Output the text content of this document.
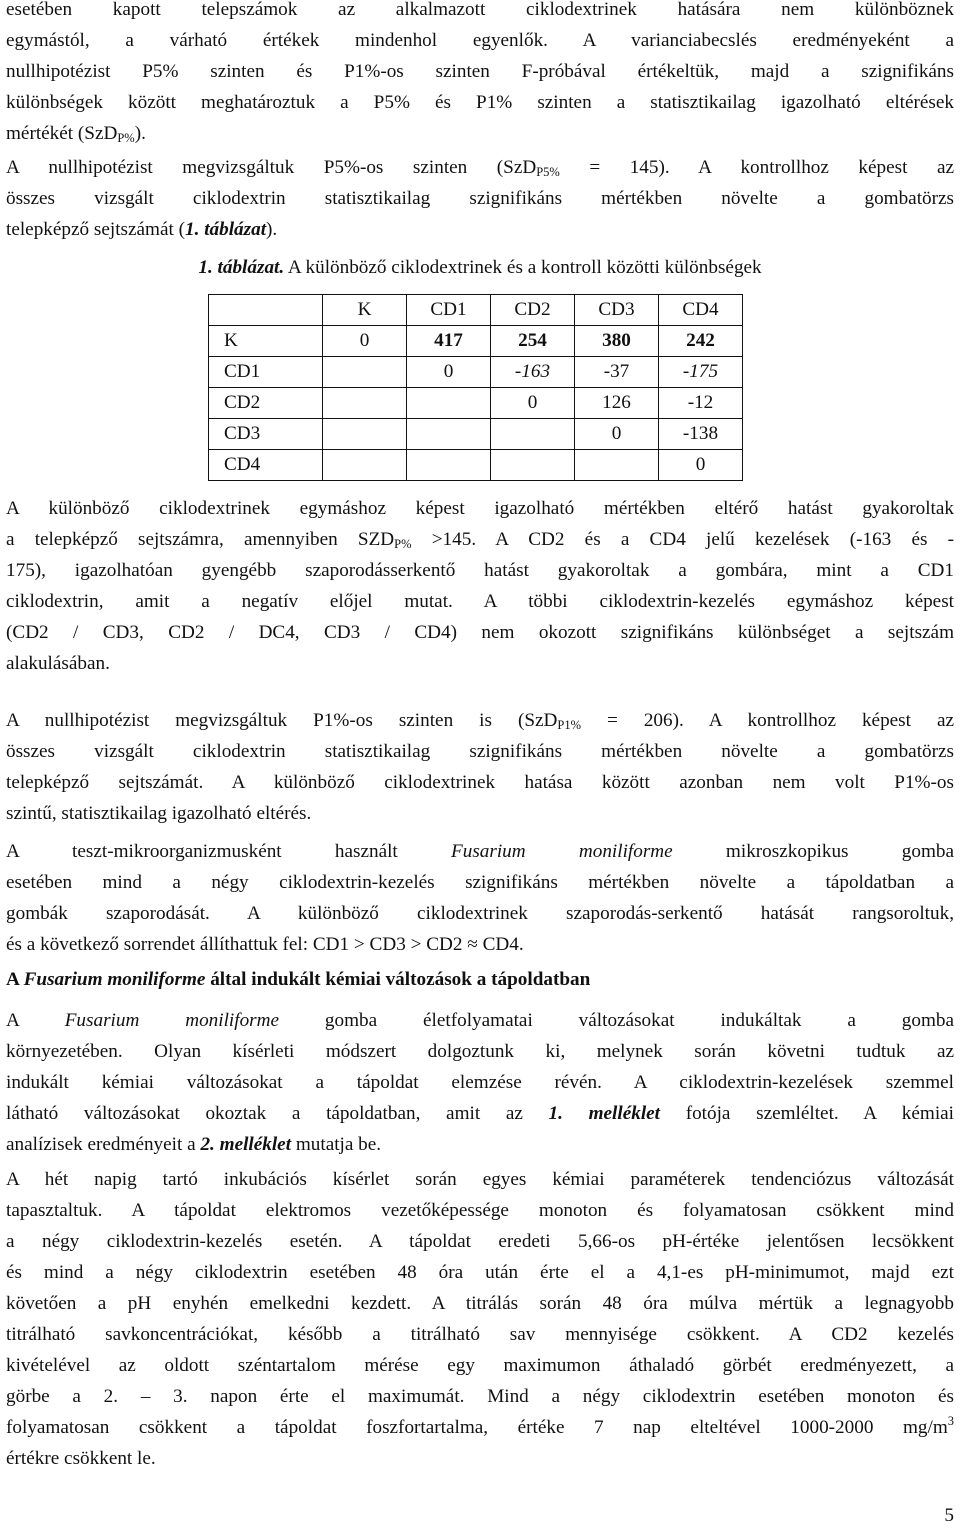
esetében kapott telepszámok az alkalmazott ciklodextrinek hatására nem különböznek
egymástól, a várható értékek mindenhol egyenlők. A varianciabecslés eredményeként a
nullhipotézist P5% szinten és P1%-os szinten F-próbával értékeltük, majd a szignifikáns
különbségek között meghatároztuk a P5% és P1% szinten a statisztikailag igazolható eltérések
mértékét (SzD$_{P\%}$).
A nullhipotézist megvizsgáltuk P5%-os szinten (SzD$_{P5\%}$ = 145). A kontrollhoz képest az
összes vizsgált ciklodextrin statisztikailag szignifikáns mértékben növelte a gombatörzs
telepképző sejtszámát (1. táblázat).
1. táblázat. A különböző ciklodextrinek és a kontroll közötti különbségek
	K	CD1	CD2	CD3	CD4
K	0	417	254	380	242
CD1		0	-163	-37	-175
CD2			0	126	-12
CD3				0	-138
CD4					0
A különböző ciklodextrinek egymáshoz képest igazolható mértékben eltérő hatást gyakoroltak
a telepképző sejtszámra, amennyiben $SZD_{P\%} >145$. A CD2 és a CD4 jelű kezelések (-163 és -
175), igazolhatóan gyengébb szaporodásserkentő hatást gyakoroltak a gombára, mint a CD1
ciklodextrin, amit a negatív előjel mutat. A többi ciklodextrin-kezelés egymáshoz képest
(CD2 / CD3, CD2 / DC4, CD3 / CD4) nem okozott szignifikáns különbséget a sejtszám
alakulásában.
A nullhipotézist megvizsgáltuk P1%-os szinten is (SzD$_{P1\%}$ = 206). A kontrollhoz képest az
összes vizsgált ciklodextrin statisztikailag szignifikáns mértékben növelte a gombatörzs
telepképző sejtszámát. A különböző ciklodextrinek hatása között azonban nem volt P1%-os
szintű, statisztikailag igazolható eltérés.
A teszt-mikroorganizmusként használt Fusarium moniliforme mikroszkopikus gomba
esetében mind a négy ciklodextrin-kezelés szignifikáns mértékben növelte a tápoldatban a
gombák szaporodását. A különböző ciklodextrinek szaporodás-serkentő hatását rangsoroltuk,
és a következő sorrendet állíthattuk fel: CD1 > CD3 > CD2 ≈ CD4.
A Fusarium moniliforme által indukált kémiai változások a tápoldatban
A Fusarium moniliforme gomba életfolyamatai változásokat indukáltak a gomba
környezetében. Olyan kísérleti módszert dolgoztunk ki, melynek során követni tudtuk az
indukált kémiai változásokat a tápoldat elemzése révén. A ciklodextrin-kezelések szemmel
látható változásokat okoztak a tápoldatban, amit az 1. melléklet fotója szemléltet. A kémiai
analízisek eredményeit a 2. melléklet mutatja be.
A hét napig tartó inkubációs kísérlet során egyes kémiai paraméterek tendenciózus változását
tapasztaltuk. A tápoldat elektromos vezetőképessége monoton és folyamatosan csökkent mind
a négy ciklodextrin-kezelés esetén. A tápoldat eredeti 5,66-os pH-értéke jelentősen lecsökkent
és mind a négy ciklodextrin esetében 48 óra után érte el a 4,1-es pH-minimumot, majd ezt
követően a pH enyhén emelkedni kezdett. A titrálás során 48 óra múlva mértük a legnagyobb
titrálható savkoncentrációkat, később a titrálható sav mennyisége csökkent. A CD2 kezelés
kivételével az oldott széntartalom mérése egy maximumon áthaladó görbét eredményezett, a
görbe a 2. – 3. napon érte el maximumát. Mind a négy ciklodextrin esetében monoton és
folyamatosan csökkent a tápoldat foszfortartalma, értéke 7 nap elteltével 1000-2000 $mg/m^3$
értékre csökkent le.
5
